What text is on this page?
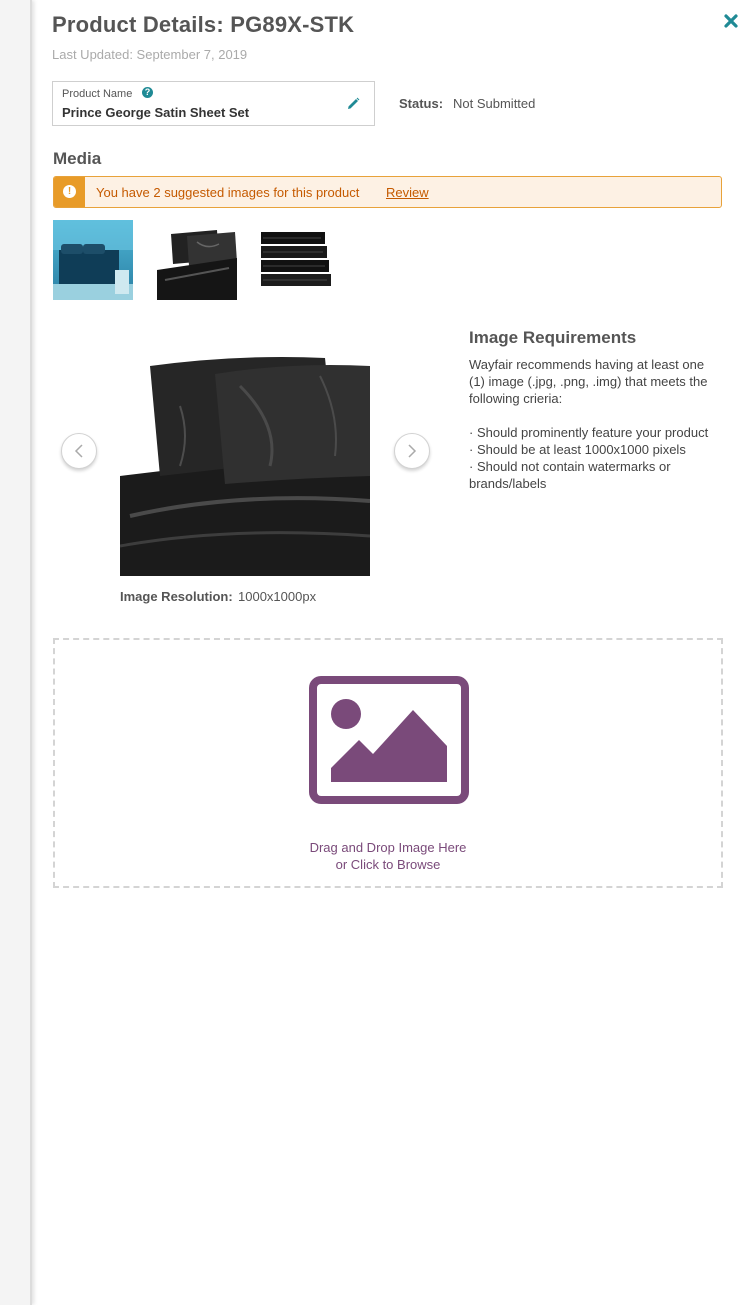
Product Details: PG89X-STK
Last Updated: September 7, 2019
Product Name	?
Prince George Satin Sheet Set
Status: Not Submitted
Media
!	You have 2 suggested images for this product Review
Image Resolution: 1000x1000px
Image Requirements

Wayfair recommends having at least one (1) image (.jpg, .png, .img) that meets the following crieria:

· Should prominently feature your product

· Should be at least 1000x1000 pixels

· Should not contain watermarks or brands/labels

Drag and Drop Image Here
or Click to Browse
